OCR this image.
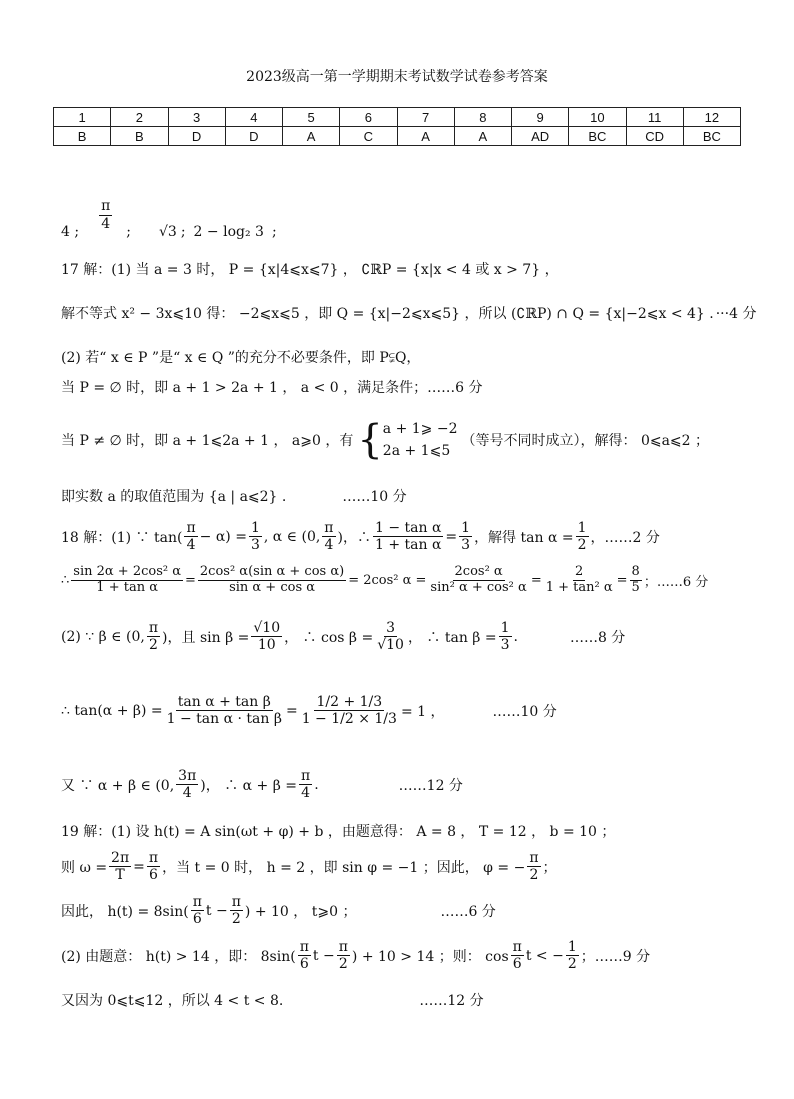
2023级高一第一学期期末考试数学试卷参考答案
1	2	3	4	5	6	7	8	9	10	11	12
B	B	D	D	A	C	A	A	AD	BC	CD	BC
4 ;
$\frac{\pi}{4}$
; √3 ; 2 − log₂ 3 ;
17 解：(1) 当 a = 3 时， P = {x|4⩽x⩽7} ， ∁ℝP = {x|x < 4 或 x > 7} ，
解不等式 x² − 3x⩽10 得： −2⩽x⩽5 ，即 Q = {x|−2⩽x⩽5} ，所以 (∁ℝP) ∩ Q = {x|−2⩽x < 4} . ···4 分
(2) 若“ x ∈ P ”是“ x ∈ Q ”的充分不必要条件，即 P⫋Q，
当 P = ∅ 时，即 a + 1 > 2a + 1 ， a < 0 ，满足条件；……6 分
当 P ≠ ∅ 时，即 a + 1⩽2a + 1 ， a⩾0 ，有 { a + 1⩾ −2
2a + 1⩽5
（等号不同时成立），解得： 0⩽a⩽2 ；
即实数 a 的取值范围为 {a | a⩽2} .	……10 分
18 解：(1) ∵ $\tan( \frac{\pi}{4} - \alpha) = \frac{1}{3}$ , α ∈ (0, $\frac{\pi}{4}$ )，∴ $\frac{\text{1 − tan α}}{\text{1 + tan α}} = \frac{1}{3}$ ，解得 $\tan \alpha = \frac{1}{2}$ ，……2 分
∴ $\frac{\text{sin 2α + 2cos² α}}{\text{1 + tan α}} = \frac{\text{2cos² α(sin α + cos α)}}{\text{sin α + cos α}} = 2\cos^2$ $\alpha = \frac{\text{2cos² α}}{\text{sin² α + cos² α}} = \frac{2}{\text{1 + tan² α}} = \frac{8}{5}$ ；……6 分
(2) ∵ β ∈ (0, $\frac{\pi}{2}$ )，且 $\sin \beta = \frac{√10}{10}$ ， ∴ $\cos \beta = \frac{3}{√10}$ ， ∴ $\tan \beta = \frac{1}{3}$ .	……8 分
∴ $\tan(\alpha + \beta) = \frac{\text{tan α + tan β}}{\text{1 − tan α · tan β}} = \frac{1/2 + 1/3}{1 - 1/2 \times 1/3} = 1$ ，	……10 分
又 ∵ α + β ∈ (0, $\frac{3\pi}{4}$ )， ∴ $\alpha + \beta = \frac{\pi}{4}$ .	……12 分
19 解：(1) 设 h(t) = A sin(ωt + φ) + b ，由题意得： A = 8 ， T = 12 ， b = 10 ；
则 $\omega = \frac{2\pi}{T} = \frac{\pi}{6}$ ，当 t = 0 时， h = 2 ，即 sin φ = −1 ；因此， φ = − $\frac{\pi}{2}$ ；
因此， $h(t) = 8\sin( \frac{\pi}{6}$ $t - \frac{\pi}{2}$ ) + 10 ， t⩾0 ；	……6 分
(2) 由题意： h(t) > 14 ，即： $8\sin( \frac{\pi}{6}$ $t - \frac{\pi}{2}$ ) + 10 > 14 ；则： $\cos \frac{\pi}{6}$ t < − $\frac{1}{2}$ ；……9 分
又因为 0⩽t⩽12 ，所以 4 < t < 8.	……12 分
